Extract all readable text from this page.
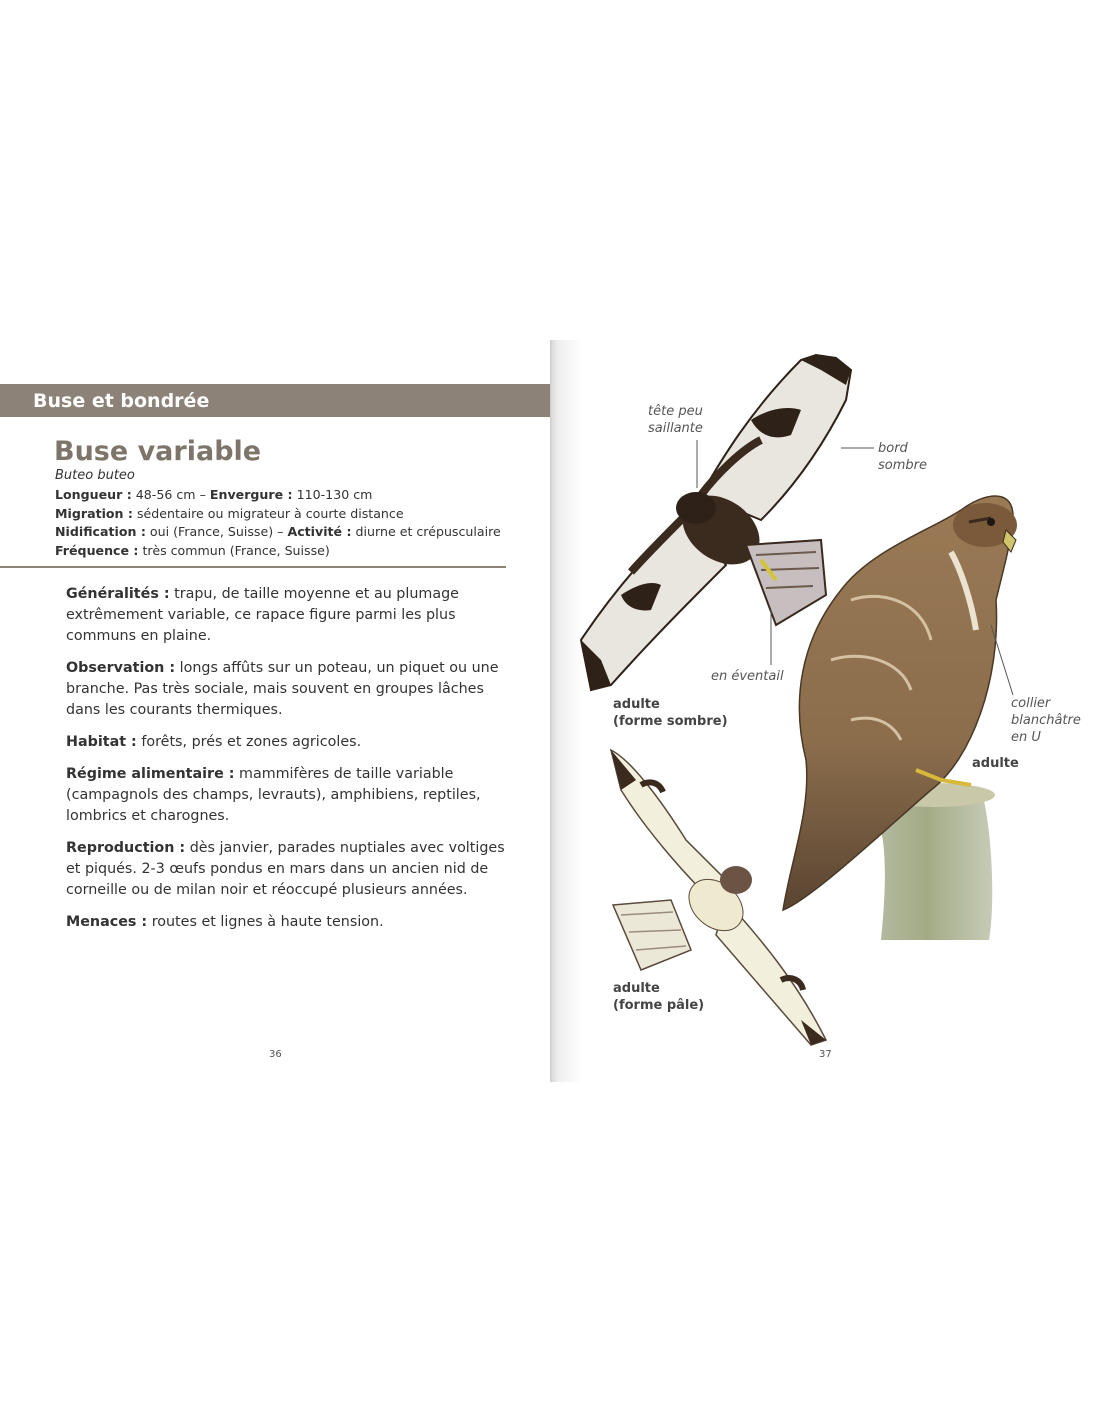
Buse et bondrée
Buse variable
Buteo buteo
Longueur : 48-56 cm – Envergure : 110-130 cm
Migration : sédentaire ou migrateur à courte distance
Nidification : oui (France, Suisse) – Activité : diurne et crépusculaire
Fréquence : très commun (France, Suisse)

Généralités : trapu, de taille moyenne et au plumage extrêmement variable, ce rapace figure parmi les plus communs en plaine.

Observation : longs affûts sur un poteau, un piquet ou une branche. Pas très sociale, mais souvent en groupes lâches dans les courants thermiques.

Habitat : forêts, prés et zones agricoles.

Régime alimentaire : mammifères de taille variable (campagnols des champs, levrauts), amphibiens, reptiles, lombrics et charognes.

Reproduction : dès janvier, parades nuptiales avec voltiges et piqués. 2-3 œufs pondus en mars dans un ancien nid de corneille ou de milan noir et réoccupé plusieurs années.

Menaces : routes et lignes à haute tension.

36
tête peu
saillante
bord
sombre
en éventail
adulte
(forme sombre)
collier
blanchâtre
en U
adulte
adulte
(forme pâle)
37
